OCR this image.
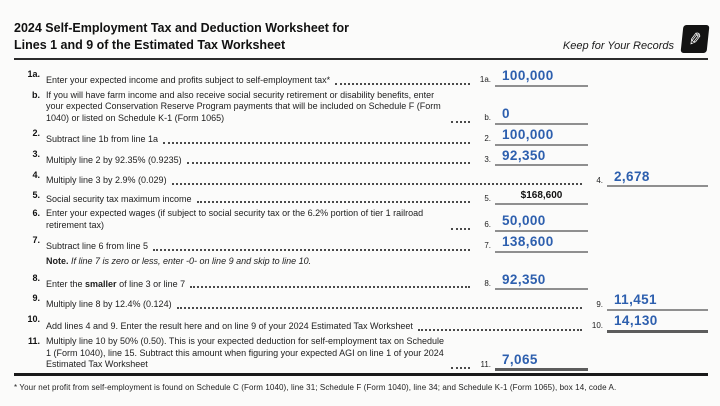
2024 Self-Employment Tax and Deduction Worksheet for
Lines 1 and 9 of the Estimated Tax Worksheet	Keep for Your Records ✎
1a.
Enter your expected income and profits subject to self-employment tax*	1a. 100,000
b. If you will have farm income and also receive social security retirement or disability benefits, enter your expected Conservation Reserve Program payments that will be included on Schedule F (Form 1040) or listed on Schedule K-1 (Form 1065)	b. 0
2.
Subtract line 1b from line 1a	2. 100,000
3.
Multiply line 2 by 92.35% (0.9235)	3. 92,350
4.
Multiply line 3 by 2.9% (0.029)	4. 2,678
5. Social security tax maximum income	5.	$168,600
6. Enter your expected wages (if subject to social security tax or the 6.2% portion of tier 1 railroad retirement tax)	6. 50,000
7.
Subtract line 6 from line 5	7. 138,600
Note. If line 7 is zero or less, enter -0- on line 9 and skip to line 10.
8.
Enter the smaller of line 3 or line 7	8. 92,350
9.
Multiply line 8 by 12.4% (0.124)	9. 11,451
10.
Add lines 4 and 9. Enter the result here and on line 9 of your 2024 Estimated Tax Worksheet	10. 14,130
11. Multiply line 10 by 50% (0.50). This is your expected deduction for self-employment tax on Schedule 1 (Form 1040), line 15. Subtract this amount when figuring your expected AGI on line 1 of your 2024 Estimated Tax Worksheet	11. 7,065
* Your net profit from self-employment is found on Schedule C (Form 1040), line 31; Schedule F (Form 1040), line 34; and Schedule K-1 (Form 1065), box 14, code A.
